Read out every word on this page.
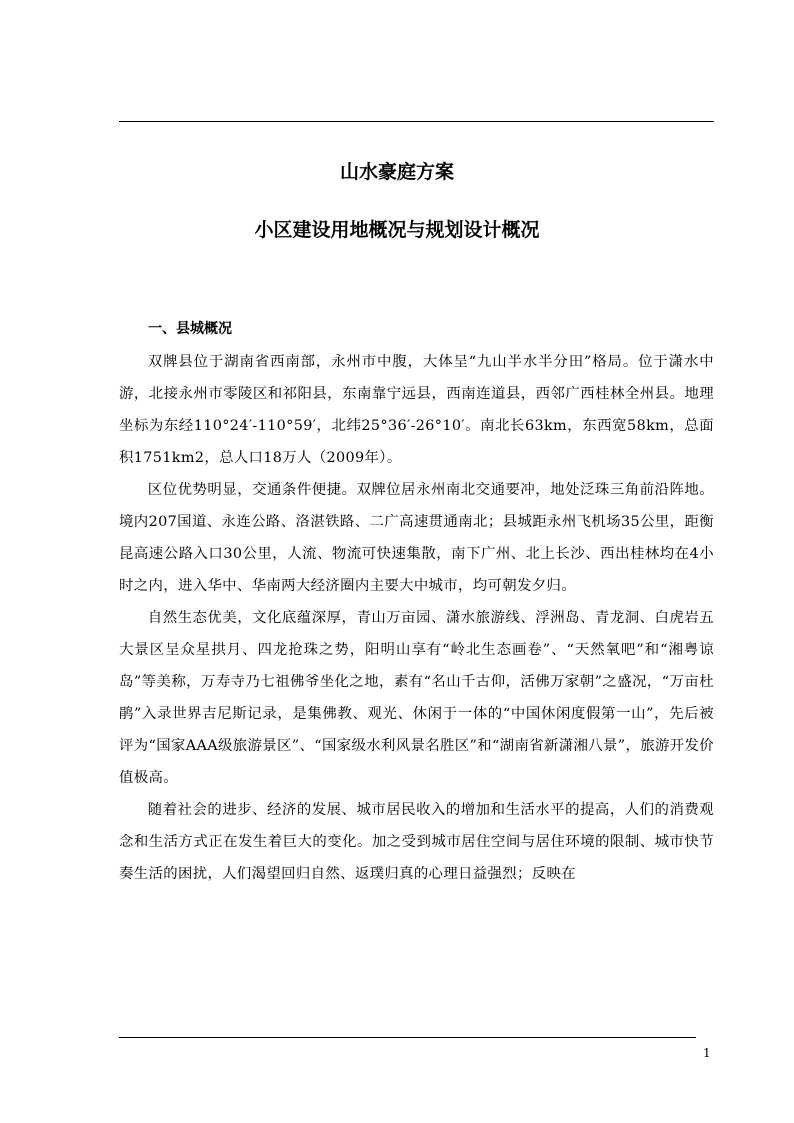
山水豪庭方案
小区建设用地概况与规划设计概况
一、县城概况

双牌县位于湖南省西南部，永州市中腹，大体呈“九山半水半分田”格局。位于潇水中游，北接永州市零陵区和祁阳县，东南靠宁远县，西南连道县，西邻广西桂林全州县。地理坐标为东经110°24′-110°59′，北纬25°36′-26°10′。南北长63km，东西宽58km，总面积1751km2，总人口18万人（2009年）。

区位优势明显，交通条件便捷。双牌位居永州南北交通要冲，地处泛珠三角前沿阵地。境内207国道、永连公路、洛湛铁路、二广高速贯通南北；县城距永州飞机场35公里，距衡昆高速公路入口30公里，人流、物流可快速集散，南下广州、北上长沙、西出桂林均在4小时之内，进入华中、华南两大经济圈内主要大中城市，均可朝发夕归。

自然生态优美，文化底蕴深厚，青山万亩园、潇水旅游线、浮洲岛、青龙洞、白虎岩五大景区呈众星拱月、四龙抢珠之势，阳明山享有“岭北生态画卷”、“天然氧吧”和“湘粤谅岛”等美称，万寿寺乃七祖佛爷坐化之地，素有“名山千古仰，活佛万家朝”之盛况，“万亩杜鹃”入录世界吉尼斯记录，是集佛教、观光、休闲于一体的“中国休闲度假第一山”，先后被评为“国家AAA级旅游景区”、“国家级水利风景名胜区”和“湖南省新潇湘八景”，旅游开发价值极高。

随着社会的进步、经济的发展、城市居民收入的增加和生活水平的提高，人们的消费观念和生活方式正在发生着巨大的变化。加之受到城市居住空间与居住环境的限制、城市快节奏生活的困扰，人们渴望回归自然、返璞归真的心理日益强烈；反映在

1
